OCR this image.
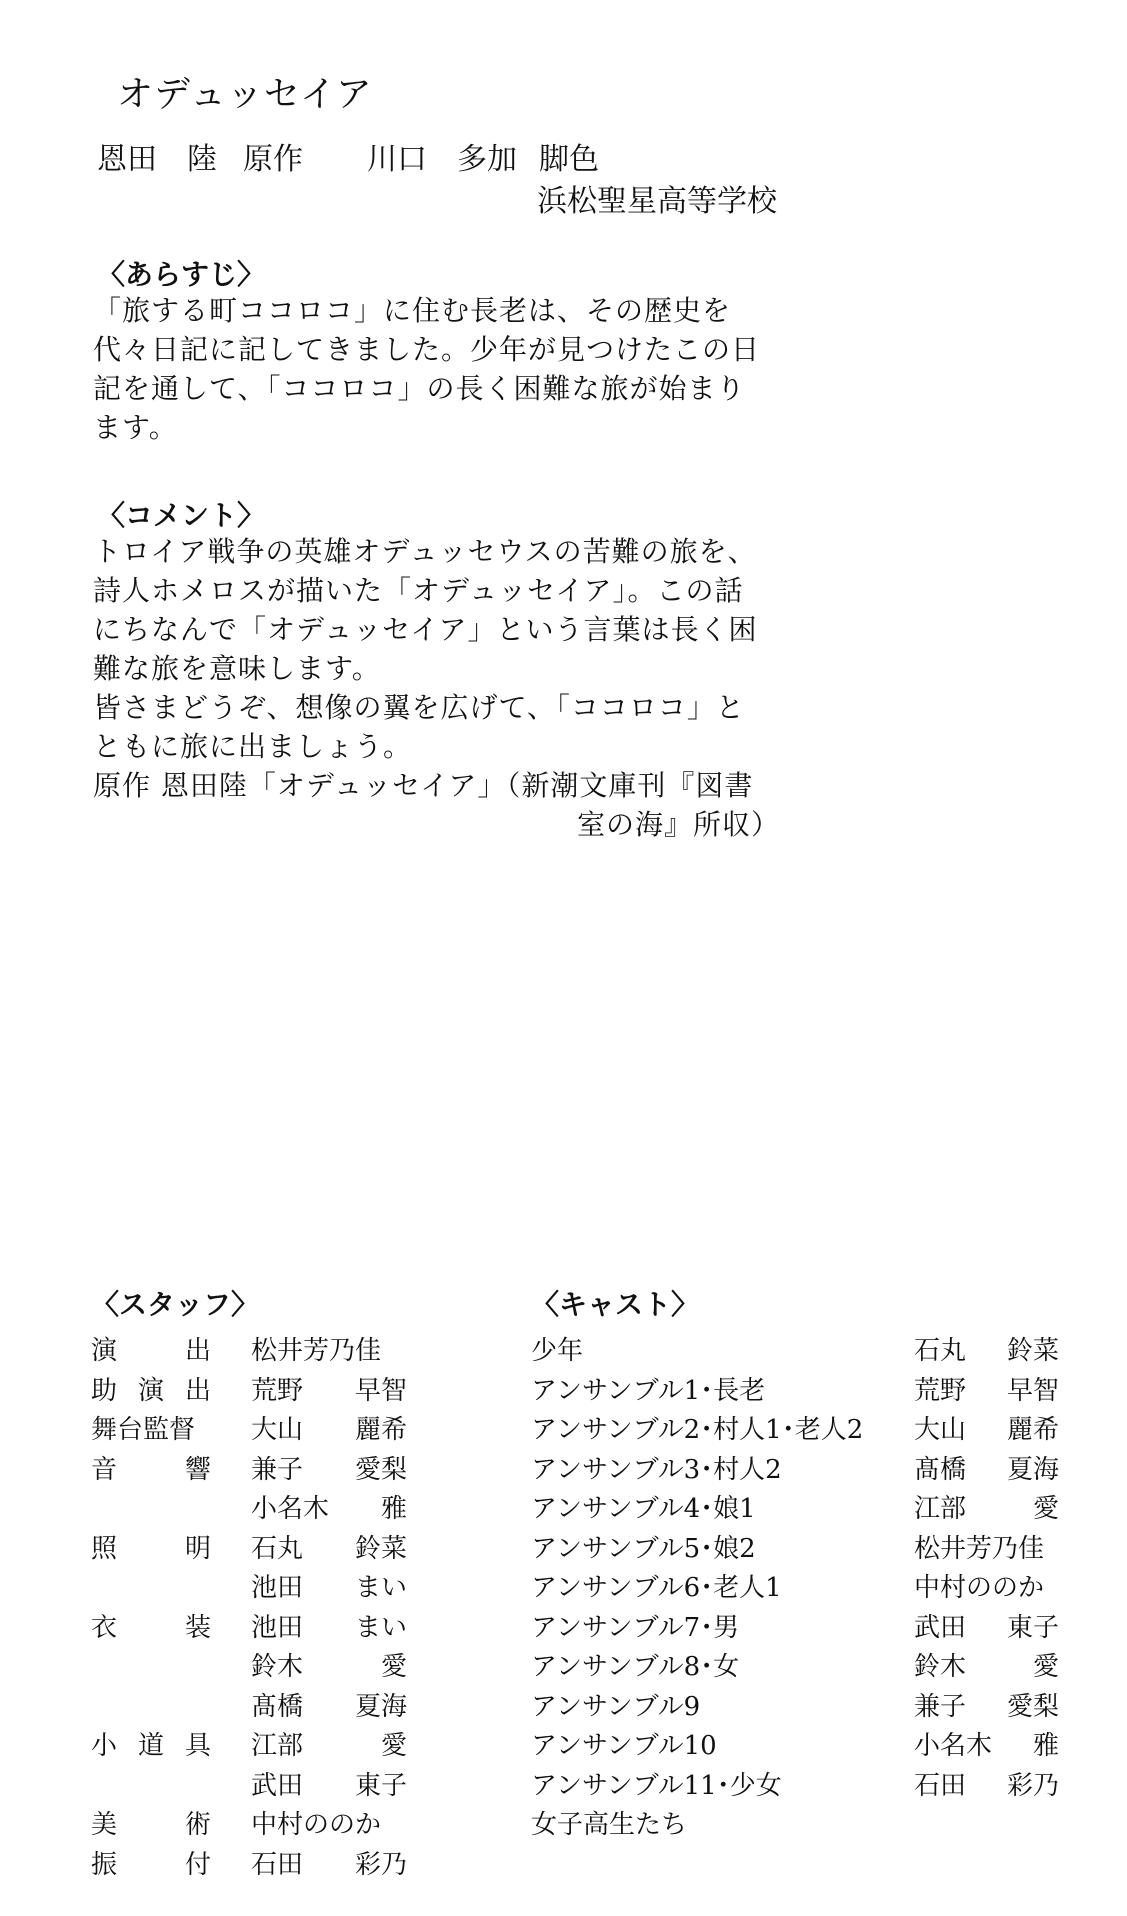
オデュッセイア
恩田　陸 原作 川口　多加 脚色
浜松聖星高等学校
〈あらすじ〉
「旅する町ココロコ」に住む長老は、その歴史を
代々日記に記してきました。少年が見つけたこの日
記を通して、「ココロコ」の長く困難な旅が始まり
ます。
〈コメント〉
トロイア戦争の英雄オデュッセウスの苦難の旅を、
詩人ホメロスが描いた「オデュッセイア」。この話
にちなんで「オデュッセイア」という言葉は長く困
難な旅を意味します。
皆さまどうぞ、想像の翼を広げて、「ココロコ」と
ともに旅に出ましょう。
原作 恩田陸「オデュッセイア」（新潮文庫刊『図書
室の海』所収）
〈スタッフ〉
演	出 松井芳乃佳
助 演 出 荒野 早智
舞台監督 大山 麗希
音	響 兼子 愛梨
小名木 雅
照	明 石丸 鈴菜
池田 まい
衣	装 池田 まい
鈴木	愛
髙橋 夏海
小 道 具 江部	愛
武田 東子
美	術 中村ののか
振	付 石田 彩乃
〈キャスト〉
少年	石丸 鈴菜
アンサンブル1･長老	荒野 早智
アンサンブル2･村人1･老人2 大山 麗希
アンサンブル3･村人2	髙橋 夏海
アンサンブル4･娘1	江部	愛
アンサンブル5･娘2	松井芳乃佳
アンサンブル6･老人1	中村ののか
アンサンブル7･男	武田 東子
アンサンブル8･女	鈴木	愛
アンサンブル9	兼子 愛梨
アンサンブル10	小名木 雅
アンサンブル11･少女	石田 彩乃
女子高生たち
